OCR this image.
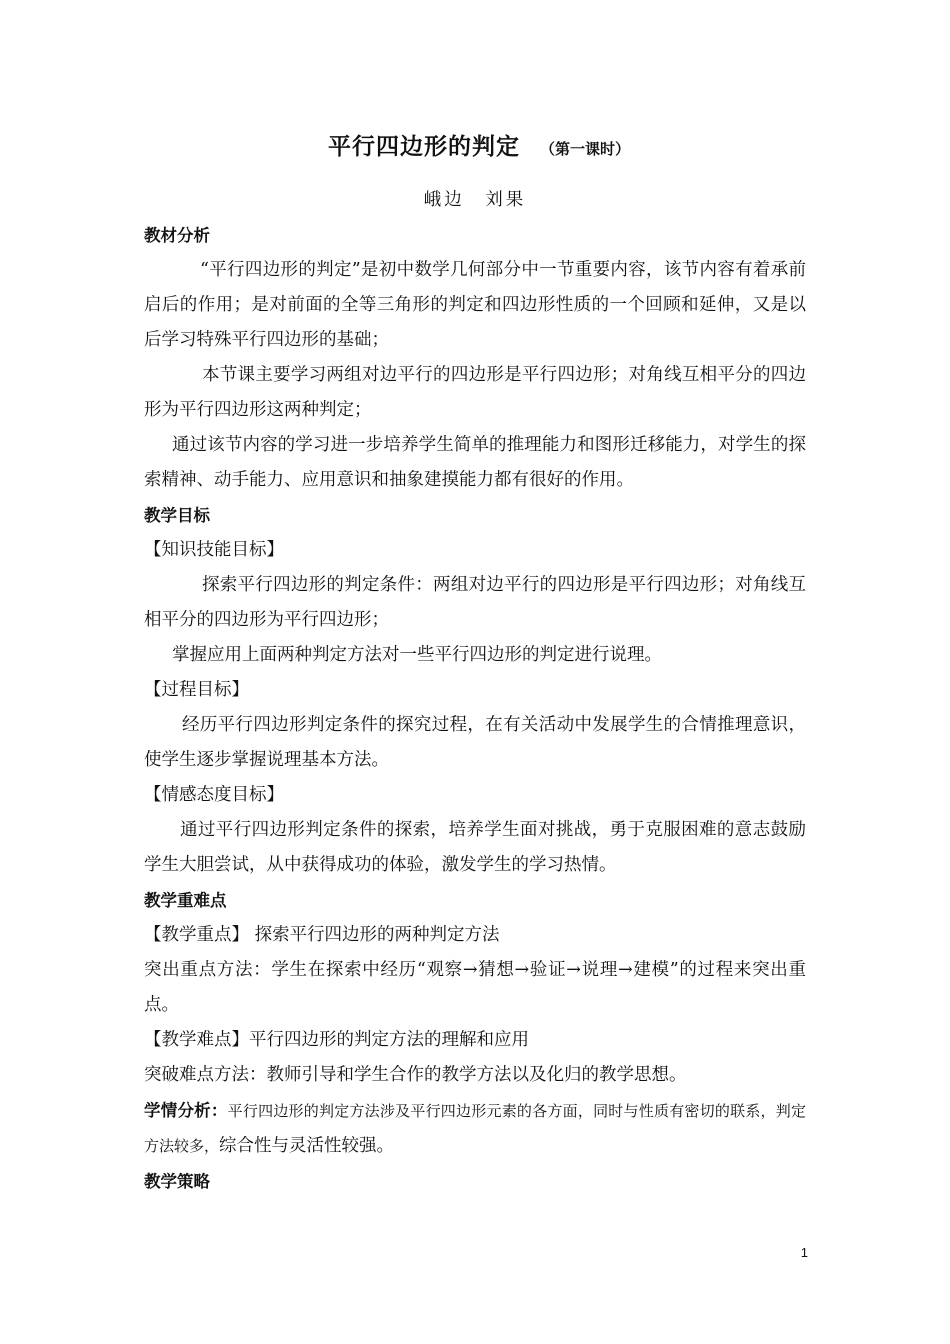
平行四边形的判定 （第一课时）
峨边　刘果

教材分析

“平行四边形的判定”是初中数学几何部分中一节重要内容，该节内容有着承前启后的作用；是对前面的全等三角形的判定和四边形性质的一个回顾和延伸，又是以后学习特殊平行四边形的基础；

本节课主要学习两组对边平行的四边形是平行四边形；对角线互相平分的四边形为平行四边形这两种判定；

通过该节内容的学习进一步培养学生简单的推理能力和图形迁移能力，对学生的探索精神、动手能力、应用意识和抽象建摸能力都有很好的作用。

教学目标

【知识技能目标】

探索平行四边形的判定条件：两组对边平行的四边形是平行四边形；对角线互相平分的四边形为平行四边形；

掌握应用上面两种判定方法对一些平行四边形的判定进行说理。

【过程目标】

经历平行四边形判定条件的探究过程，在有关活动中发展学生的合情推理意识，使学生逐步掌握说理基本方法。

【情感态度目标】

通过平行四边形判定条件的探索，培养学生面对挑战，勇于克服困难的意志鼓励学生大胆尝试，从中获得成功的体验，激发学生的学习热情。

教学重难点

【教学重点】 探索平行四边形的两种判定方法

突出重点方法：学生在探索中经历“观察→猜想→验证→说理→建模”的过程来突出重点。

【教学难点】平行四边形的判定方法的理解和应用

突破难点方法：教师引导和学生合作的教学方法以及化归的教学思想。

学情分析：平行四边形的判定方法涉及平行四边形元素的各方面，同时与性质有密切的联系，判定方法较多，综合性与灵活性较强。

教学策略

1
